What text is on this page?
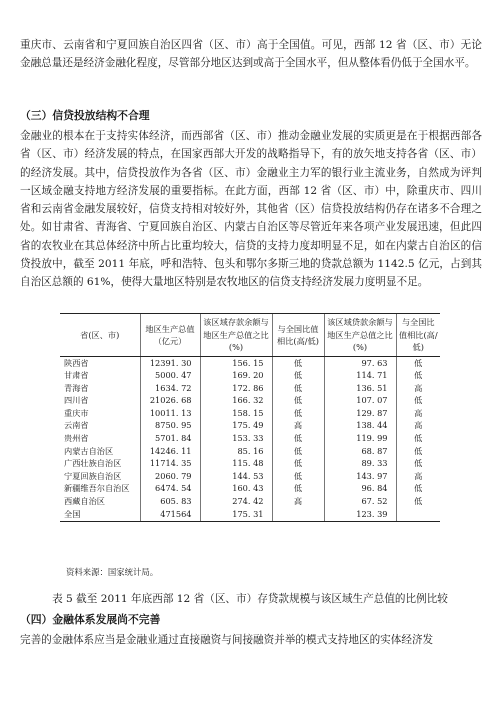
重庆市、云南省和宁夏回族自治区四省（区、市）高于全国值。可见，西部 12 省（区、市）无论金融总量还是经济金融化程度，尽管部分地区达到或高于全国水平，但从整体看仍低于全国水平。

（三）信贷投放结构不合理

金融业的根本在于支持实体经济，而西部省（区、市）推动金融业发展的实质更是在于根据西部各省（区、市）经济发展的特点，在国家西部大开发的战略指导下，有的放矢地支持各省（区、市）的经济发展。其中，信贷投放作为各省（区、市）金融业主力军的银行业主流业务，自然成为评判一区域金融支持地方经济发展的重要指标。在此方面，西部 12 省（区、市）中，除重庆市、四川省和云南省金融发展较好，信贷支持相对较好外，其他省（区）信贷投放结构仍存在诸多不合理之处。如甘肃省、青海省、宁夏回族自治区、内蒙古自治区等尽管近年来各项产业发展迅速，但此四省的农牧业在其总体经济中所占比重均较大，信贷的支持力度却明显不足，如在内蒙古自治区的信贷投放中，截至 2011 年底，呼和浩特、包头和鄂尔多斯三地的贷款总额为 1142.5 亿元，占到其自治区总额的 61%，使得大量地区特别是农牧地区的信贷支持经济发展力度明显不足。

省(区、市)	地区生产总值（亿元）	该区域存款余额与地区生产总值之比(%)	与全国比值相比(高/低)	该区域贷款余额与地区生产总值之比(%)	与全国比值相比(高/低)
陕西省	12391. 30	156. 15	低	97. 63	低
甘肃省	5000. 47	169. 20	低	114. 71	低
青海省	1634. 72	172. 86	低	136. 51	高
四川省	21026. 68	166. 32	低	107. 07	低
重庆市	10011. 13	158. 15	低	129. 87	高
云南省	8750. 95	175. 49	高	138. 44	高
贵州省	5701. 84	153. 33	低	119. 99	低
内蒙古自治区	14246. 11	85. 16	低	68. 87	低
广西壮族自治区	11714. 35	115. 48	低	89. 33	低
宁夏回族自治区	2060. 79	144. 53	低	143. 97	高
新疆维吾尔自治区	6474. 54	160. 43	低	96. 84	低
西藏自治区	605. 83	274. 42	高	67. 52	低
全国	471564	175. 31		123. 39	

资料来源：国家统计局。

表 5 截至 2011 年底西部 12 省（区、市）存贷款规模与该区域生产总值的比例比较

（四）金融体系发展尚不完善

完善的金融体系应当是金融业通过直接融资与间接融资并举的模式支持地区的实体经济发
